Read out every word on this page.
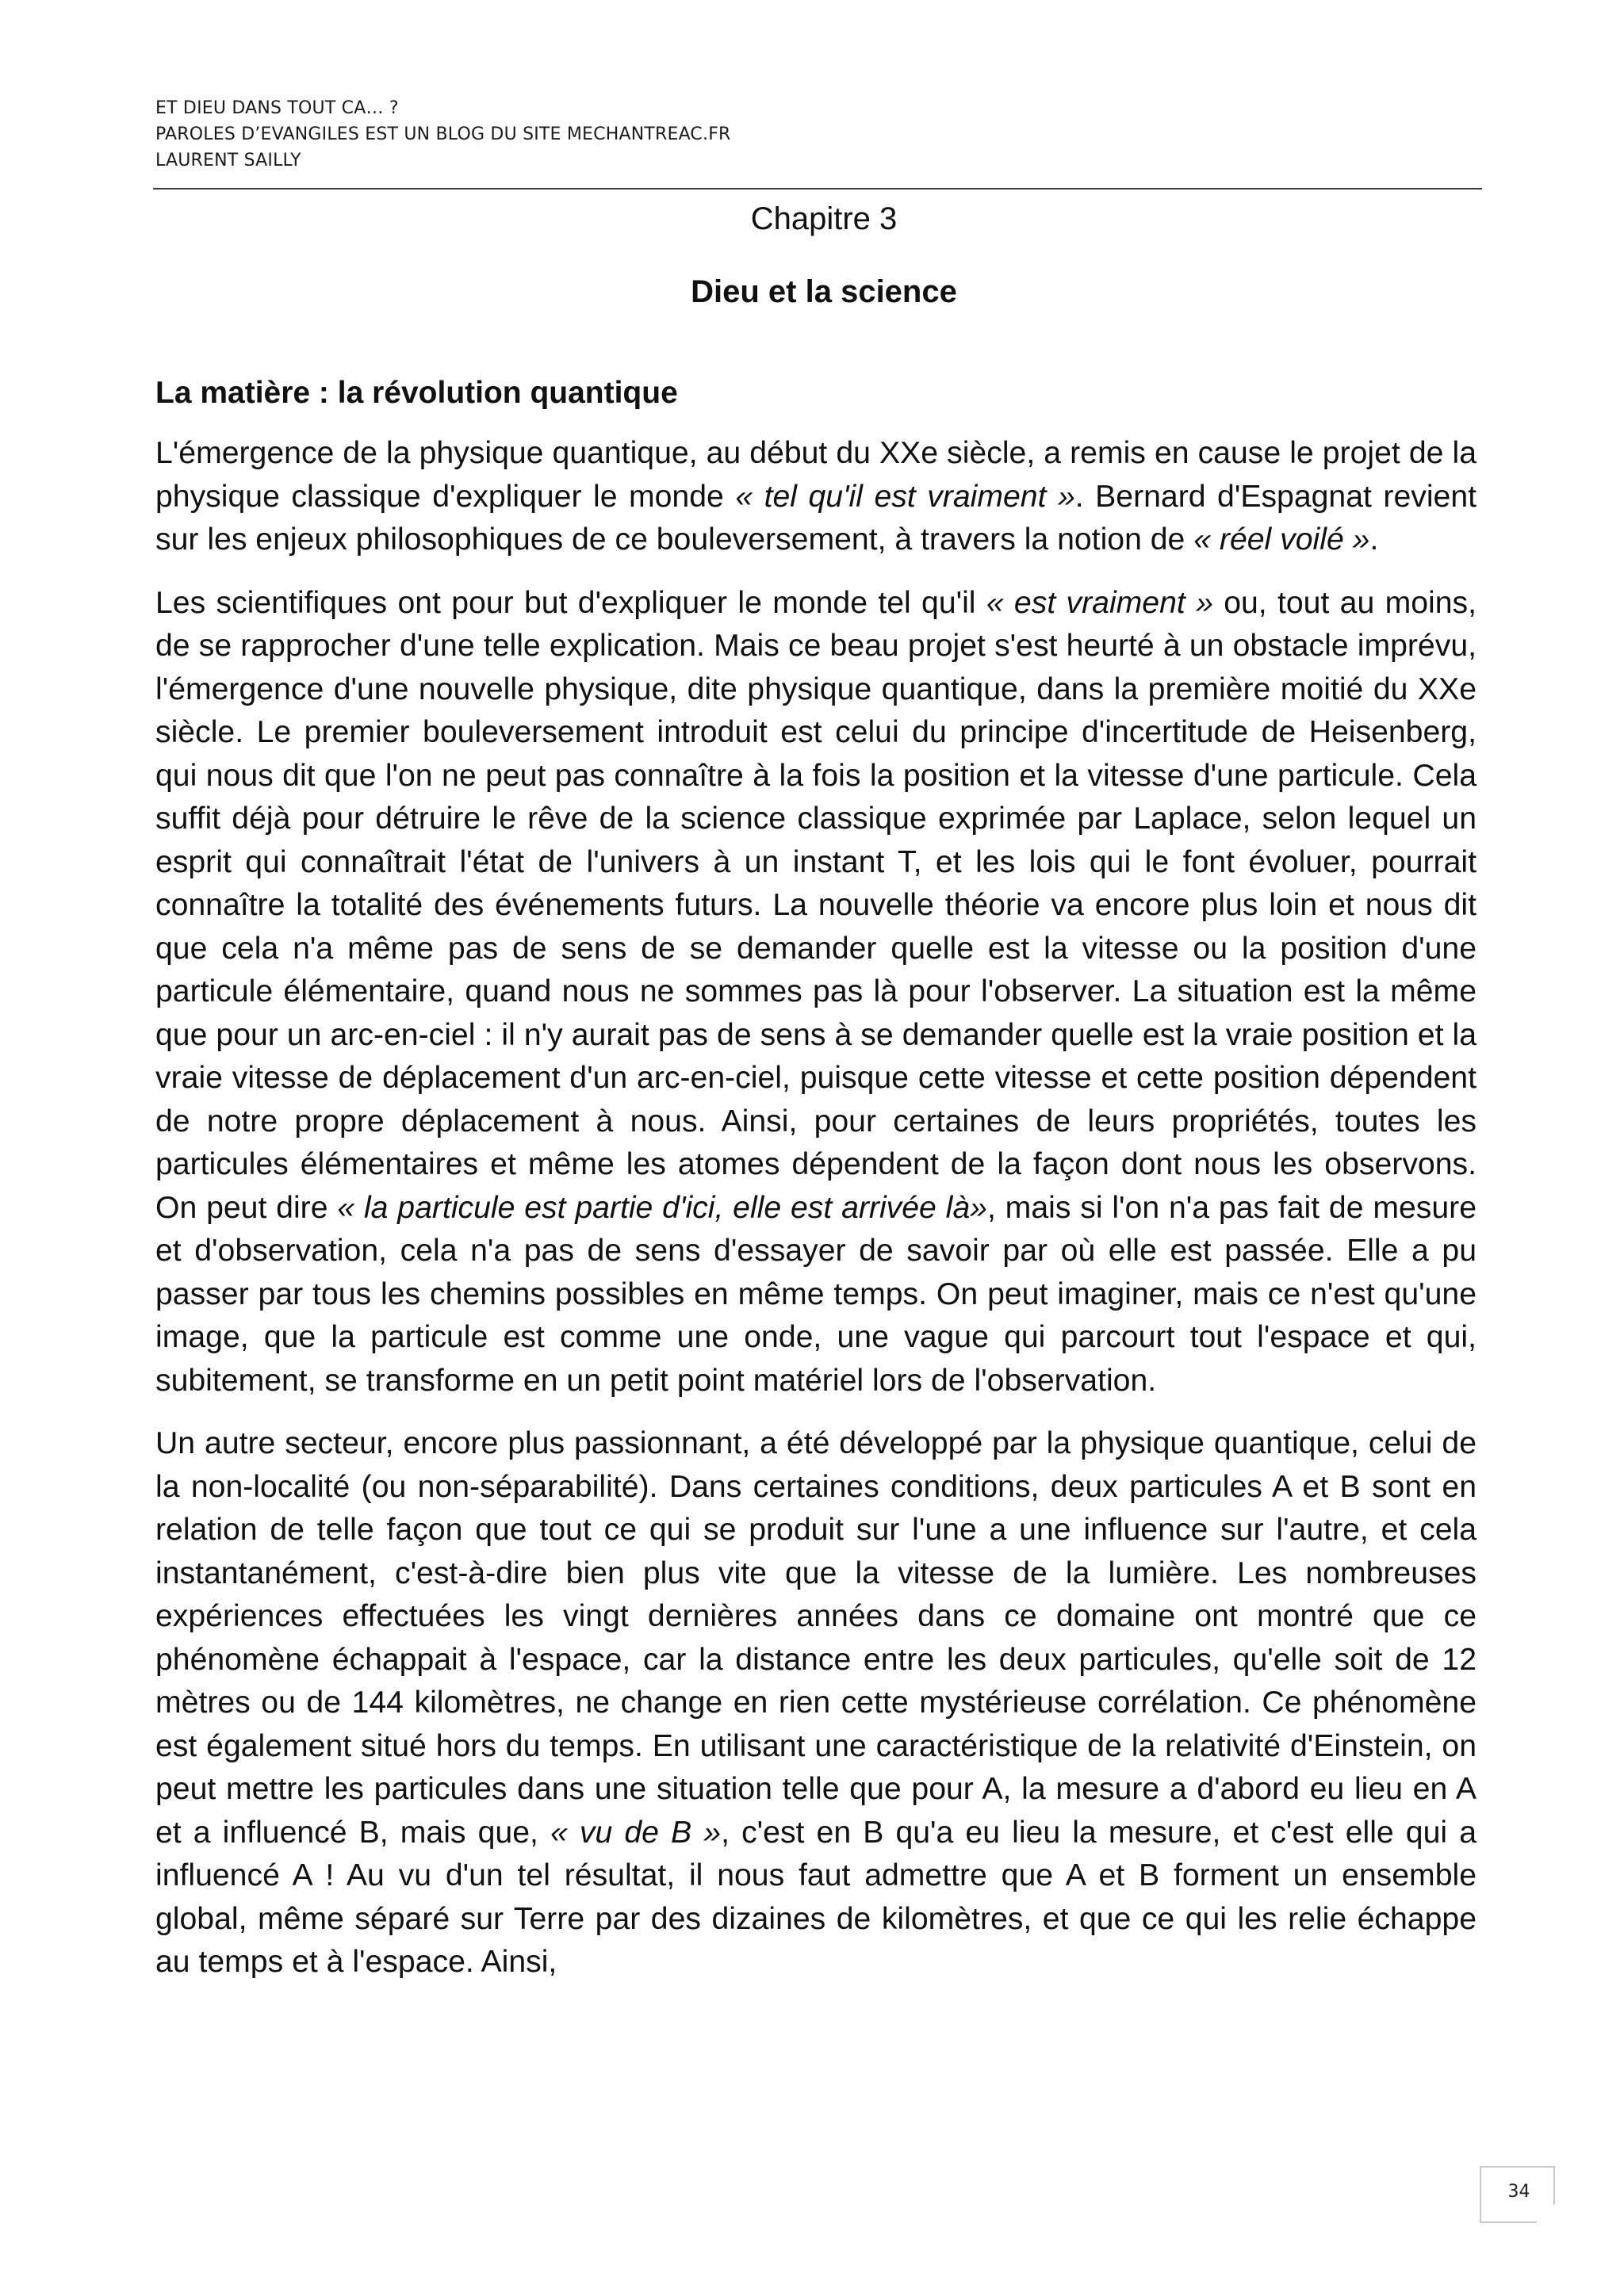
ET DIEU DANS TOUT CA… ?
PAROLES D’EVANGILES EST UN BLOG DU SITE MECHANTREAC.FR
LAURENT SAILLY

Chapitre 3

Dieu et la science

La matière : la révolution quantique

L'émergence de la physique quantique, au début du XXe siècle, a remis en cause le projet de la physique classique d'expliquer le monde « tel qu'il est vraiment ». Bernard d'Espagnat revient sur les enjeux philosophiques de ce bouleversement, à travers la notion de « réel voilé ».

Les scientifiques ont pour but d'expliquer le monde tel qu'il « est vraiment » ou, tout au moins, de se rapprocher d'une telle explication. Mais ce beau projet s'est heurté à un obstacle imprévu, l'émergence d'une nouvelle physique, dite physique quantique, dans la première moitié du XXe siècle. Le premier bouleversement introduit est celui du principe d'incertitude de Heisenberg, qui nous dit que l'on ne peut pas connaître à la fois la position et la vitesse d'une particule. Cela suffit déjà pour détruire le rêve de la science classique exprimée par Laplace, selon lequel un esprit qui connaîtrait l'état de l'univers à un instant T, et les lois qui le font évoluer, pourrait connaître la totalité des événements futurs. La nouvelle théorie va encore plus loin et nous dit que cela n'a même pas de sens de se demander quelle est la vitesse ou la position d'une particule élémentaire, quand nous ne sommes pas là pour l'observer. La situation est la même que pour un arc-en-ciel : il n'y aurait pas de sens à se demander quelle est la vraie position et la vraie vitesse de déplacement d'un arc-en-ciel, puisque cette vitesse et cette position dépendent de notre propre déplacement à nous. Ainsi, pour certaines de leurs propriétés, toutes les particules élémentaires et même les atomes dépendent de la façon dont nous les observons. On peut dire « la particule est partie d'ici, elle est arrivée là», mais si l'on n'a pas fait de mesure et d'observation, cela n'a pas de sens d'essayer de savoir par où elle est passée. Elle a pu passer par tous les chemins possibles en même temps. On peut imaginer, mais ce n'est qu'une image, que la particule est comme une onde, une vague qui parcourt tout l'espace et qui, subitement, se transforme en un petit point matériel lors de l'observation.

Un autre secteur, encore plus passionnant, a été développé par la physique quantique, celui de la non-localité (ou non-séparabilité). Dans certaines conditions, deux particules A et B sont en relation de telle façon que tout ce qui se produit sur l'une a une influence sur l'autre, et cela instantanément, c'est-à-dire bien plus vite que la vitesse de la lumière. Les nombreuses expériences effectuées les vingt dernières années dans ce domaine ont montré que ce phénomène échappait à l'espace, car la distance entre les deux particules, qu'elle soit de 12 mètres ou de 144 kilomètres, ne change en rien cette mystérieuse corrélation. Ce phénomène est également situé hors du temps. En utilisant une caractéristique de la relativité d'Einstein, on peut mettre les particules dans une situation telle que pour A, la mesure a d'abord eu lieu en A et a influencé B, mais que, « vu de B », c'est en B qu'a eu lieu la mesure, et c'est elle qui a influencé A ! Au vu d'un tel résultat, il nous faut admettre que A et B forment un ensemble global, même séparé sur Terre par des dizaines de kilomètres, et que ce qui les relie échappe au temps et à l'espace. Ainsi,

34
